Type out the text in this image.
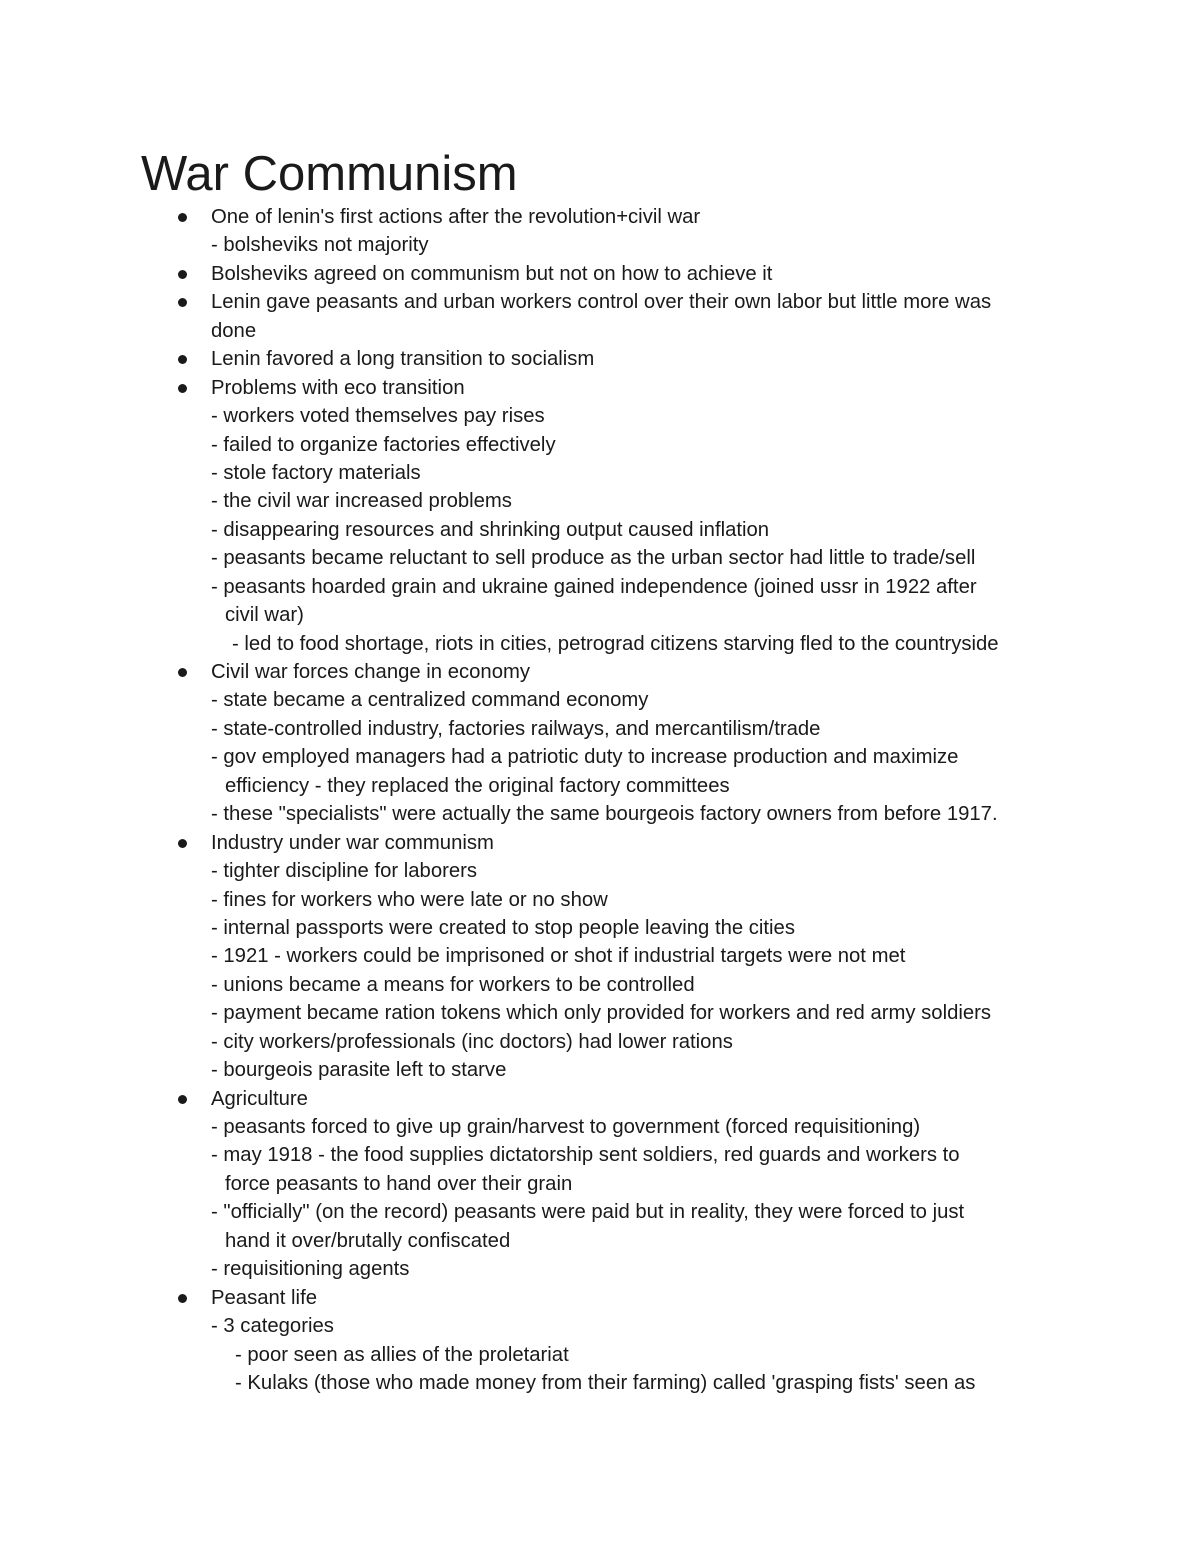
War Communism
One of lenin's first actions after the revolution+civil war
- bolsheviks not majority
Bolsheviks agreed on communism but not on how to achieve it
Lenin gave peasants and urban workers control over their own labor but little more was
done
Lenin favored a long transition to socialism
Problems with eco transition
- workers voted themselves pay rises
- failed to organize factories effectively
- stole factory materials
- the civil war increased problems
- disappearing resources and shrinking output caused inflation
- peasants became reluctant to sell produce as the urban sector had little to trade/sell
- peasants hoarded grain and ukraine gained independence (joined ussr in 1922 after
civil war)
- led to food shortage, riots in cities, petrograd citizens starving fled to the countryside
Civil war forces change in economy
- state became a centralized command economy
- state-controlled industry, factories railways, and mercantilism/trade
- gov employed managers had a patriotic duty to increase production and maximize
efficiency - they replaced the original factory committees
- these "specialists" were actually the same bourgeois factory owners from before 1917.
Industry under war communism
- tighter discipline for laborers
- fines for workers who were late or no show
- internal passports were created to stop people leaving the cities
- 1921 - workers could be imprisoned or shot if industrial targets were not met
- unions became a means for workers to be controlled
- payment became ration tokens which only provided for workers and red army soldiers
- city workers/professionals (inc doctors) had lower rations
- bourgeois parasite left to starve
Agriculture
- peasants forced to give up grain/harvest to government (forced requisitioning)
- may 1918 - the food supplies dictatorship sent soldiers, red guards and workers to
force peasants to hand over their grain
- "officially" (on the record) peasants were paid but in reality, they were forced to just
hand it over/brutally confiscated
- requisitioning agents
Peasant life
- 3 categories
- poor seen as allies of the proletariat
- Kulaks (those who made money from their farming) called 'grasping fists' seen as
